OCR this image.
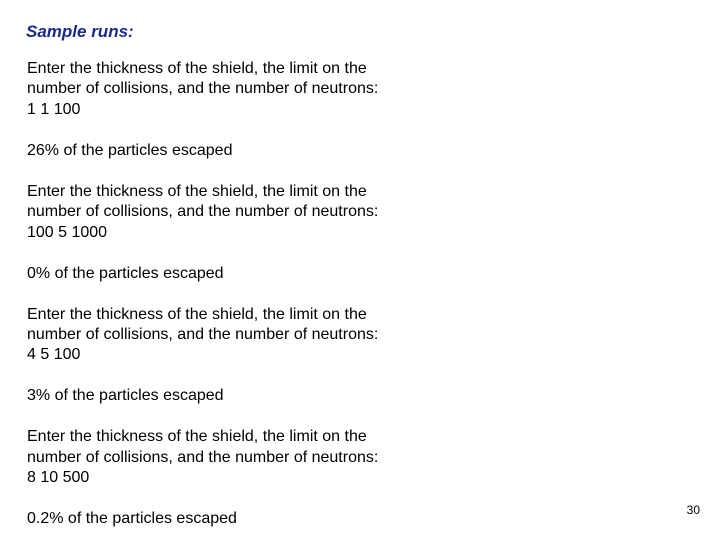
Sample runs:
Enter the thickness of the shield, the limit on the
number of collisions, and the number of neutrons:
1 1 100
26% of the particles escaped
Enter the thickness of the shield, the limit on the
number of collisions, and the number of neutrons:
100 5 1000
0% of the particles escaped
Enter the thickness of the shield, the limit on the
number of collisions, and the number of neutrons:
4 5 100
3% of the particles escaped
Enter the thickness of the shield, the limit on the
number of collisions, and the number of neutrons:
8 10 500
0.2% of the particles escaped
30
